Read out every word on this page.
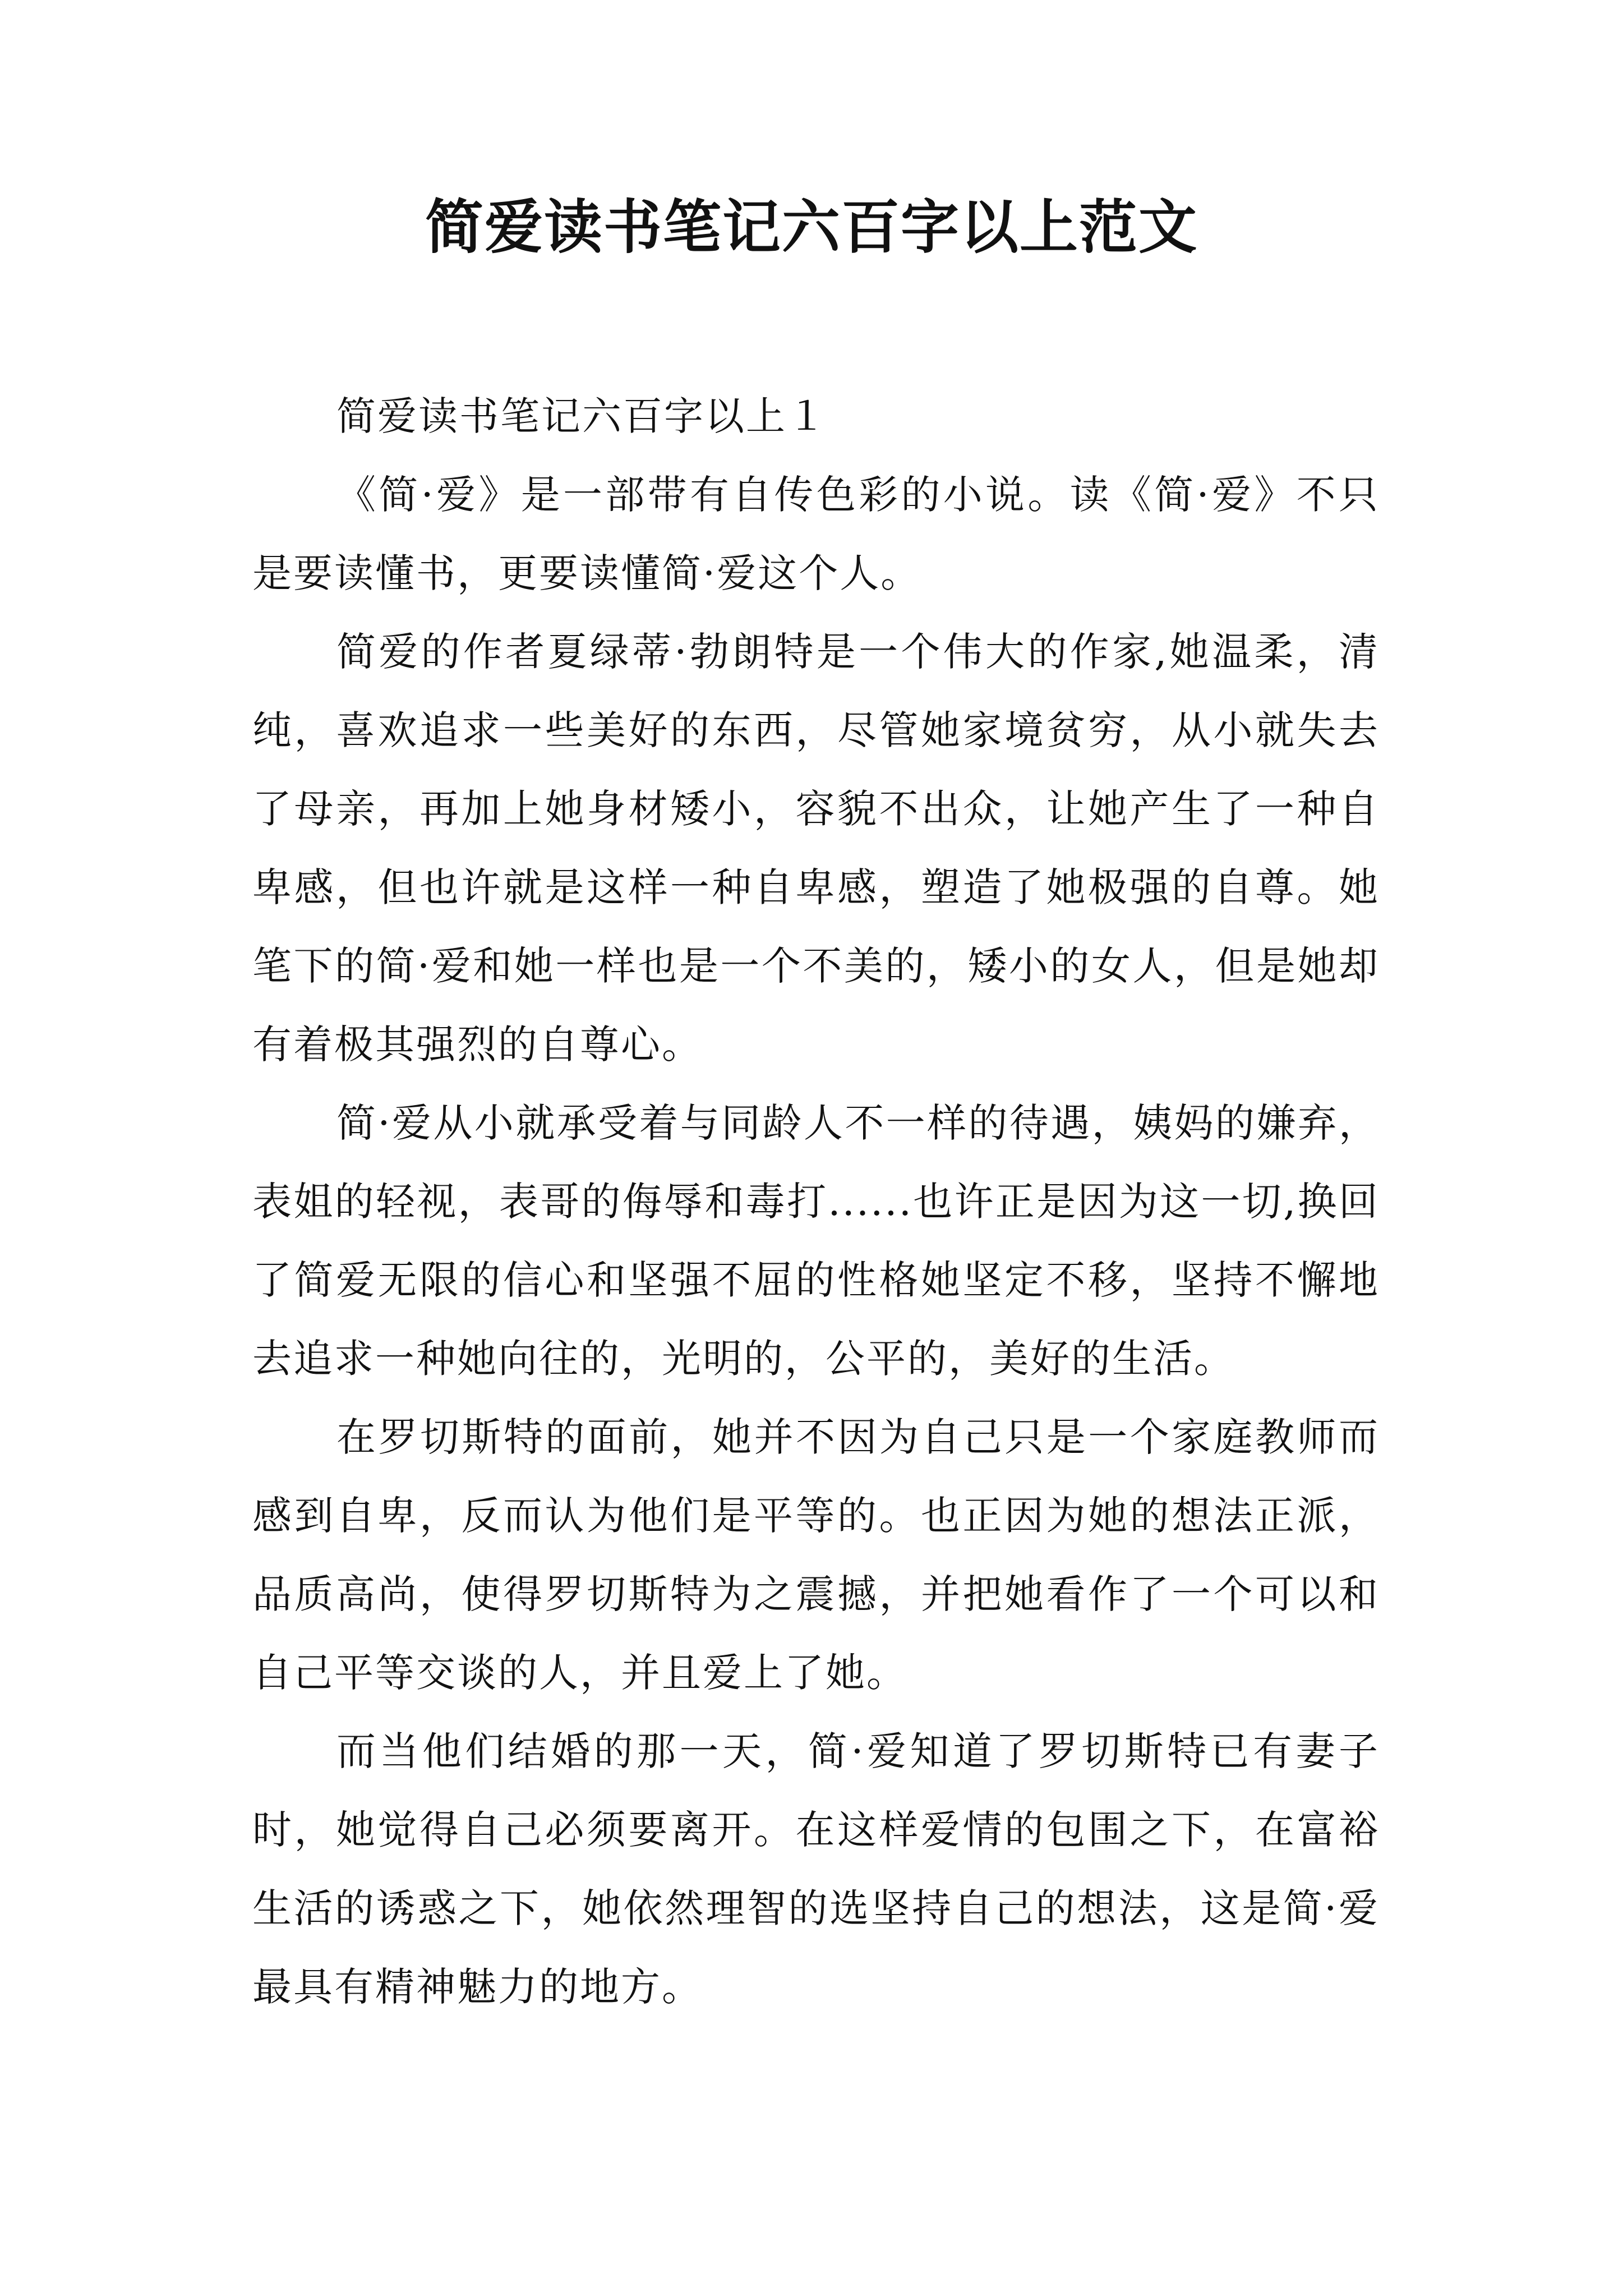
简爱读书笔记六百字以上范文

简爱读书笔记六百字以上１

《简·爱》是一部带有自传色彩的小说。读《简·爱》不只是要读懂书，更要读懂简·爱这个人。

简爱的作者夏绿蒂·勃朗特是一个伟大的作家,她温柔，清纯，喜欢追求一些美好的东西，尽管她家境贫穷，从小就失去了母亲，再加上她身材矮小，容貌不出众，让她产生了一种自卑感，但也许就是这样一种自卑感，塑造了她极强的自尊。她笔下的简·爱和她一样也是一个不美的，矮小的女人，但是她却有着极其强烈的自尊心。

简·爱从小就承受着与同龄人不一样的待遇，姨妈的嫌弃，表姐的轻视，表哥的侮辱和毒打......也许正是因为这一切,换回了简爱无限的信心和坚强不屈的性格她坚定不移，坚持不懈地去追求一种她向往的，光明的，公平的，美好的生活。

在罗切斯特的面前，她并不因为自己只是一个家庭教师而感到自卑，反而认为他们是平等的。也正因为她的想法正派，品质高尚，使得罗切斯特为之震撼，并把她看作了一个可以和自己平等交谈的人，并且爱上了她。

而当他们结婚的那一天，简·爱知道了罗切斯特已有妻子时，她觉得自己必须要离开。在这样爱情的包围之下，在富裕生活的诱惑之下，她依然理智的选坚持自己的想法，这是简·爱最具有精神魅力的地方。
